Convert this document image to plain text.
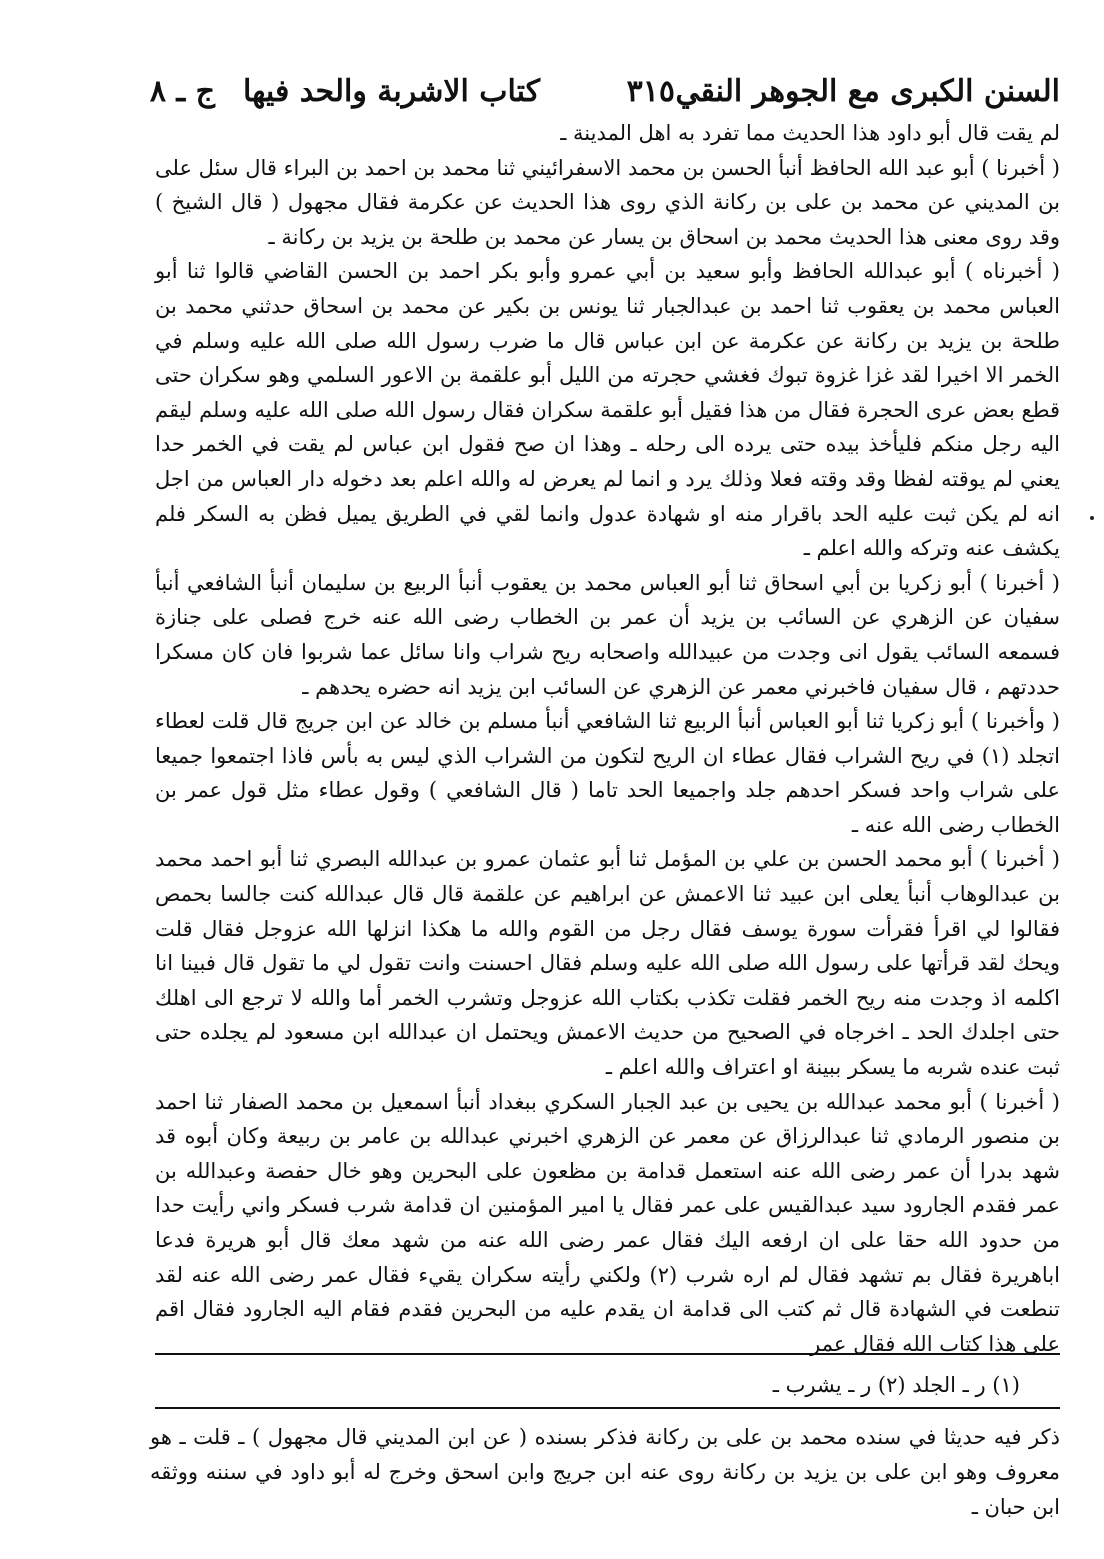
السنن الكبرى مع الجوهر النقي
٣١٥
كتاب الاشربة والحد فيها
ج ـ ٨

لم يقت قال أبو داود هذا الحديث مما تفرد به اهل المدينة ـ

( أخبرنا ) أبو عبد الله الحافظ أنبأ الحسن بن محمد الاسفرائيني ثنا محمد بن احمد بن البراء قال سئل على بن المديني عن محمد بن على بن ركانة الذي روى هذا الحديث عن عكرمة فقال مجهول ( قال الشيخ ) وقد روى معنى هذا الحديث محمد بن اسحاق بن يسار عن محمد بن طلحة بن يزيد بن ركانة ـ

( أخبرناه ) أبو عبدالله الحافظ وأبو سعيد بن أبي عمرو وأبو بكر احمد بن الحسن القاضي قالوا ثنا أبو العباس محمد بن يعقوب ثنا احمد بن عبدالجبار ثنا يونس بن بكير عن محمد بن اسحاق حدثني محمد بن طلحة بن يزيد بن ركانة عن عكرمة عن ابن عباس قال ما ضرب رسول الله صلى الله عليه وسلم في الخمر الا اخيرا لقد غزا غزوة تبوك فغشي حجرته من الليل أبو علقمة بن الاعور السلمي وهو سكران حتى قطع بعض عرى الحجرة فقال من هذا فقيل أبو علقمة سكران فقال رسول الله صلى الله عليه وسلم ليقم اليه رجل منكم فليأخذ بيده حتى يرده الى رحله ـ وهذا ان صح فقول ابن عباس لم يقت في الخمر حدا يعني لم يوقته لفظا وقد وقته فعلا وذلك يرد و انما لم يعرض له والله اعلم بعد دخوله دار العباس من اجل انه لم يكن ثبت عليه الحد باقرار منه او شهادة عدول وانما لقي في الطريق يميل فظن به السكر فلم يكشف عنه وتركه والله اعلم ـ

( أخبرنا ) أبو زكريا بن أبي اسحاق ثنا أبو العباس محمد بن يعقوب أنبأ الربيع بن سليمان أنبأ الشافعي أنبأ سفيان عن الزهري عن السائب بن يزيد أن عمر بن الخطاب رضى الله عنه خرج فصلى على جنازة فسمعه السائب يقول انى وجدت من عبيدالله واصحابه ريح شراب وانا سائل عما شربوا فان كان مسكرا حددتهم ، قال سفيان فاخبرني معمر عن الزهري عن السائب ابن يزيد انه حضره يحدهم ـ

( وأخبرنا ) أبو زكريا ثنا أبو العباس أنبأ الربيع ثنا الشافعي أنبأ مسلم بن خالد عن ابن جريج قال قلت لعطاء اتجلد (١) في ريح الشراب فقال عطاء ان الريح لتكون من الشراب الذي ليس به بأس فاذا اجتمعوا جميعا على شراب واحد فسكر احدهم جلد واجميعا الحد تاما ( قال الشافعي ) وقول عطاء مثل قول عمر بن الخطاب رضى الله عنه ـ

( أخبرنا ) أبو محمد الحسن بن علي بن المؤمل ثنا أبو عثمان عمرو بن عبدالله البصري ثنا أبو احمد محمد بن عبدالوهاب أنبأ يعلى ابن عبيد ثنا الاعمش عن ابراهيم عن علقمة قال قال عبدالله كنت جالسا بحمص فقالوا لي اقرأ فقرأت سورة يوسف فقال رجل من القوم والله ما هكذا انزلها الله عزوجل فقال قلت ويحك لقد قرأتها على رسول الله صلى الله عليه وسلم فقال احسنت وانت تقول لي ما تقول قال فبينا انا اكلمه اذ وجدت منه ريح الخمر فقلت تكذب بكتاب الله عزوجل وتشرب الخمر أما والله لا ترجع الى اهلك حتى اجلدك الحد ـ اخرجاه في الصحيح من حديث الاعمش ويحتمل ان عبدالله ابن مسعود لم يجلده حتى ثبت عنده شربه ما يسكر ببينة او اعتراف والله اعلم ـ

( أخبرنا ) أبو محمد عبدالله بن يحيى بن عبد الجبار السكري ببغداد أنبأ اسمعيل بن محمد الصفار ثنا احمد بن منصور الرمادي ثنا عبدالرزاق عن معمر عن الزهري اخبرني عبدالله بن عامر بن ربيعة وكان أبوه قد شهد بدرا أن عمر رضى الله عنه استعمل قدامة بن مظعون على البحرين وهو خال حفصة وعبدالله بن عمر فقدم الجارود سيد عبدالقيس على عمر فقال يا امير المؤمنين ان قدامة شرب فسكر واني رأيت حدا من حدود الله حقا على ان ارفعه اليك فقال عمر رضى الله عنه من شهد معك قال أبو هريرة فدعا اباهريرة فقال بم تشهد فقال لم اره شرب (٢) ولكني رأيته سكران يقيء فقال عمر رضى الله عنه لقد تنطعت في الشهادة قال ثم كتب الى قدامة ان يقدم عليه من البحرين فقدم فقام اليه الجارود فقال اقم على هذا كتاب الله فقال عمر

(١) ر ـ الجلد (٢) ر ـ يشرب ـ

ذكر فيه حديثا في سنده محمد بن على بن ركانة فذكر بسنده ( عن ابن المديني قال مجهول ) ـ قلت ـ هو معروف وهو ابن على بن يزيد بن ركانة روى عنه ابن جريج وابن اسحق وخرج له أبو داود في سننه ووثقه ابن حبان ـ
